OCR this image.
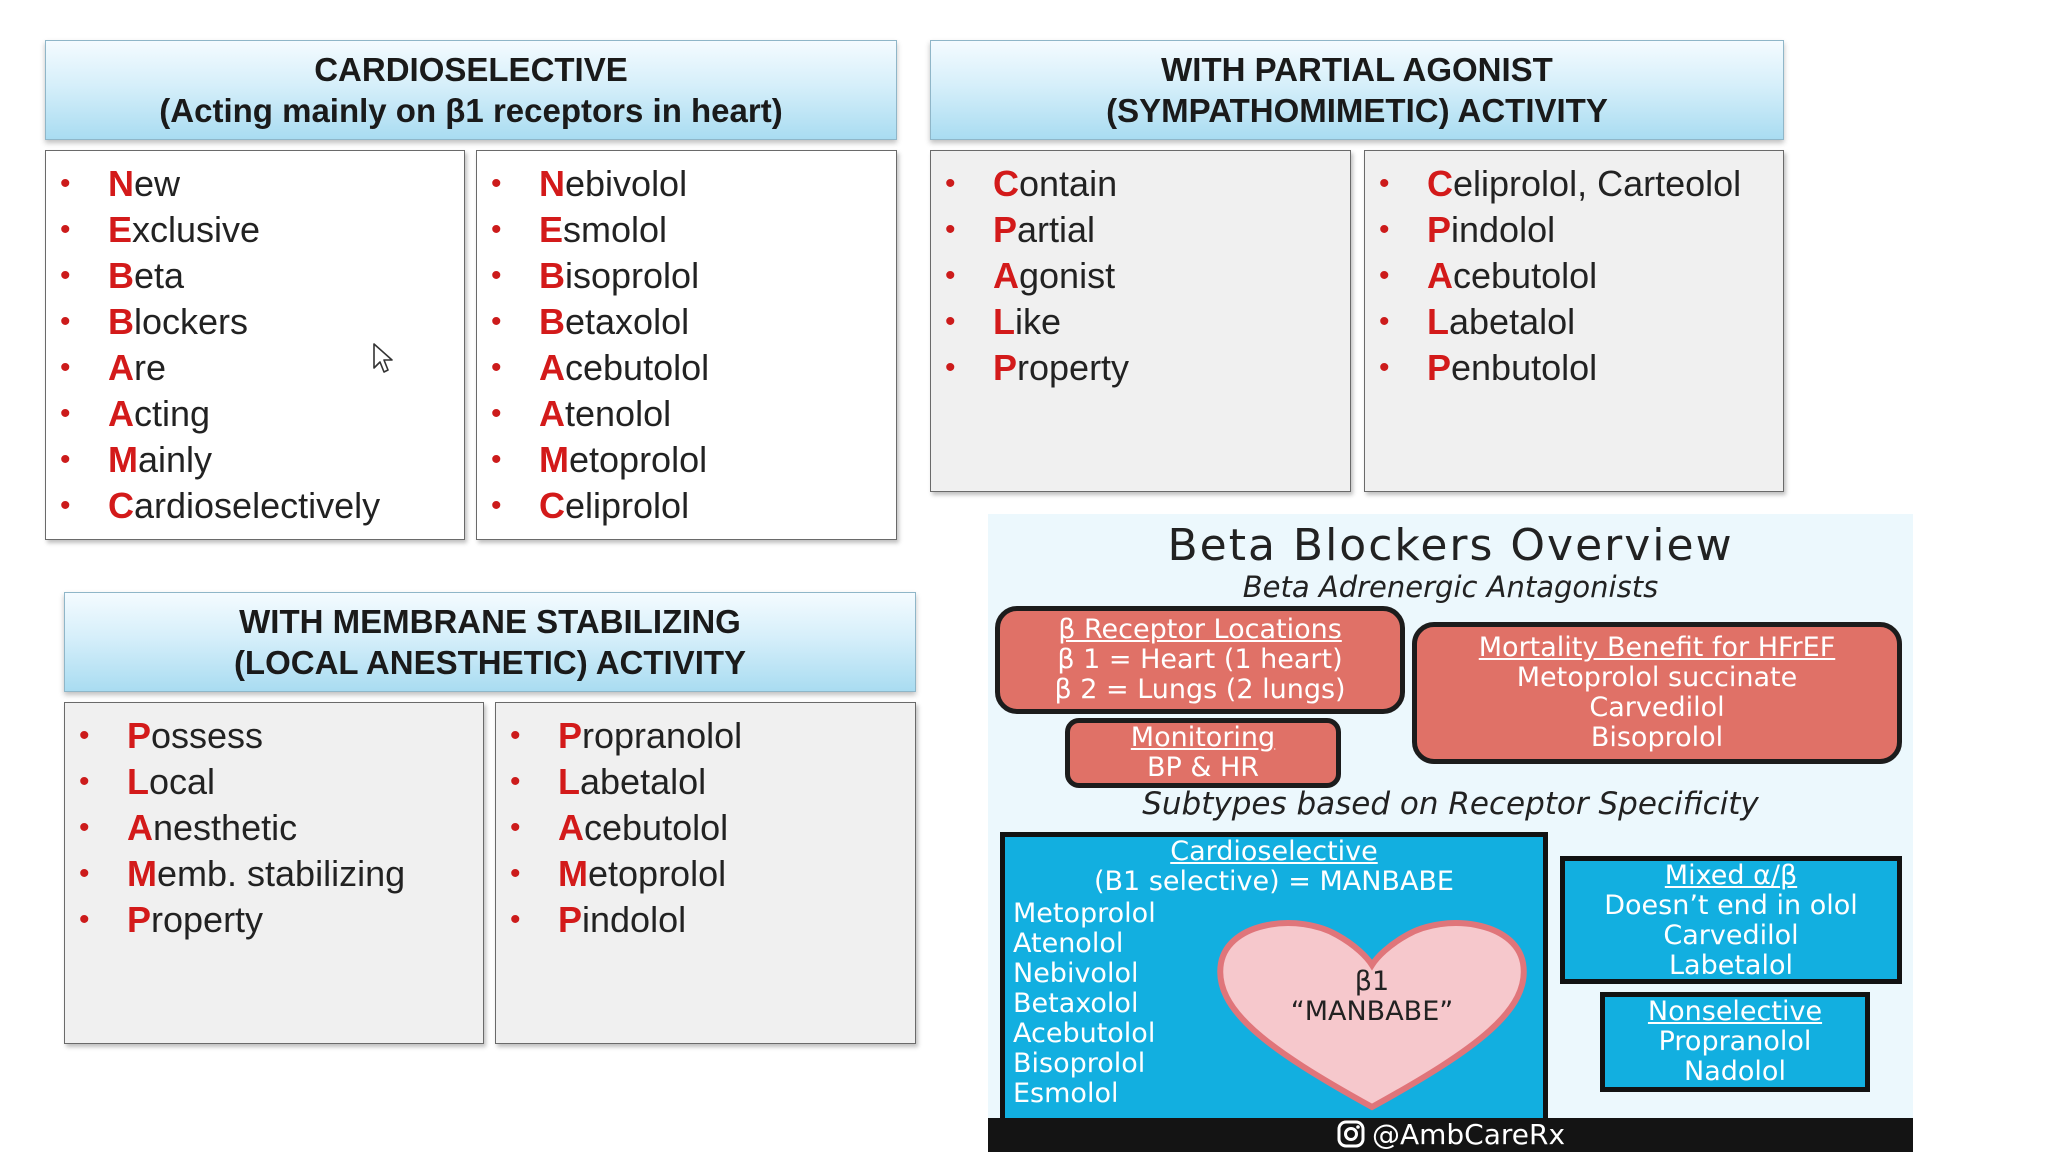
CARDIOSELECTIVE
(Acting mainly on β1 receptors in heart)
• New
• Exclusive
• Beta
• Blockers
• Are
• Acting
• Mainly
• Cardioselectively
• Nebivolol
• Esmolol
• Bisoprolol
• Betaxolol
• Acebutolol
• Atenolol
• Metoprolol
• Celiprolol
WITH PARTIAL AGONIST
(SYMPATHOMIMETIC) ACTIVITY
• Contain
• Partial
• Agonist
• Like
• Property
• Celiprolol, Carteolol
• Pindolol
• Acebutolol
• Labetalol
• Penbutolol
WITH MEMBRANE STABILIZING
(LOCAL ANESTHETIC) ACTIVITY
• Possess
• Local
• Anesthetic
• Memb. stabilizing
• Property
• Propranolol
• Labetalol
• Acebutolol
• Metoprolol
• Pindolol
Beta Blockers Overview
Beta Adrenergic Antagonists
β Receptor Locations
β 1 = Heart (1 heart)
β 2 = Lungs (2 lungs)
Monitoring
BP & HR
Mortality Benefit for HFrEF
Metoprolol succinate
Carvedilol
Bisoprolol
Subtypes based on Receptor Specificity
Cardioselective
(B1 selective) = MANBABE
Metoprolol
Atenolol
Nebivolol
Betaxolol
Acebutolol
Bisoprolol
Esmolol
β1
“MANBABE”
Mixed α/β
Doesn’t end in olol
Carvedilol
Labetalol
Nonselective
Propranolol
Nadolol
@AmbCareRx
